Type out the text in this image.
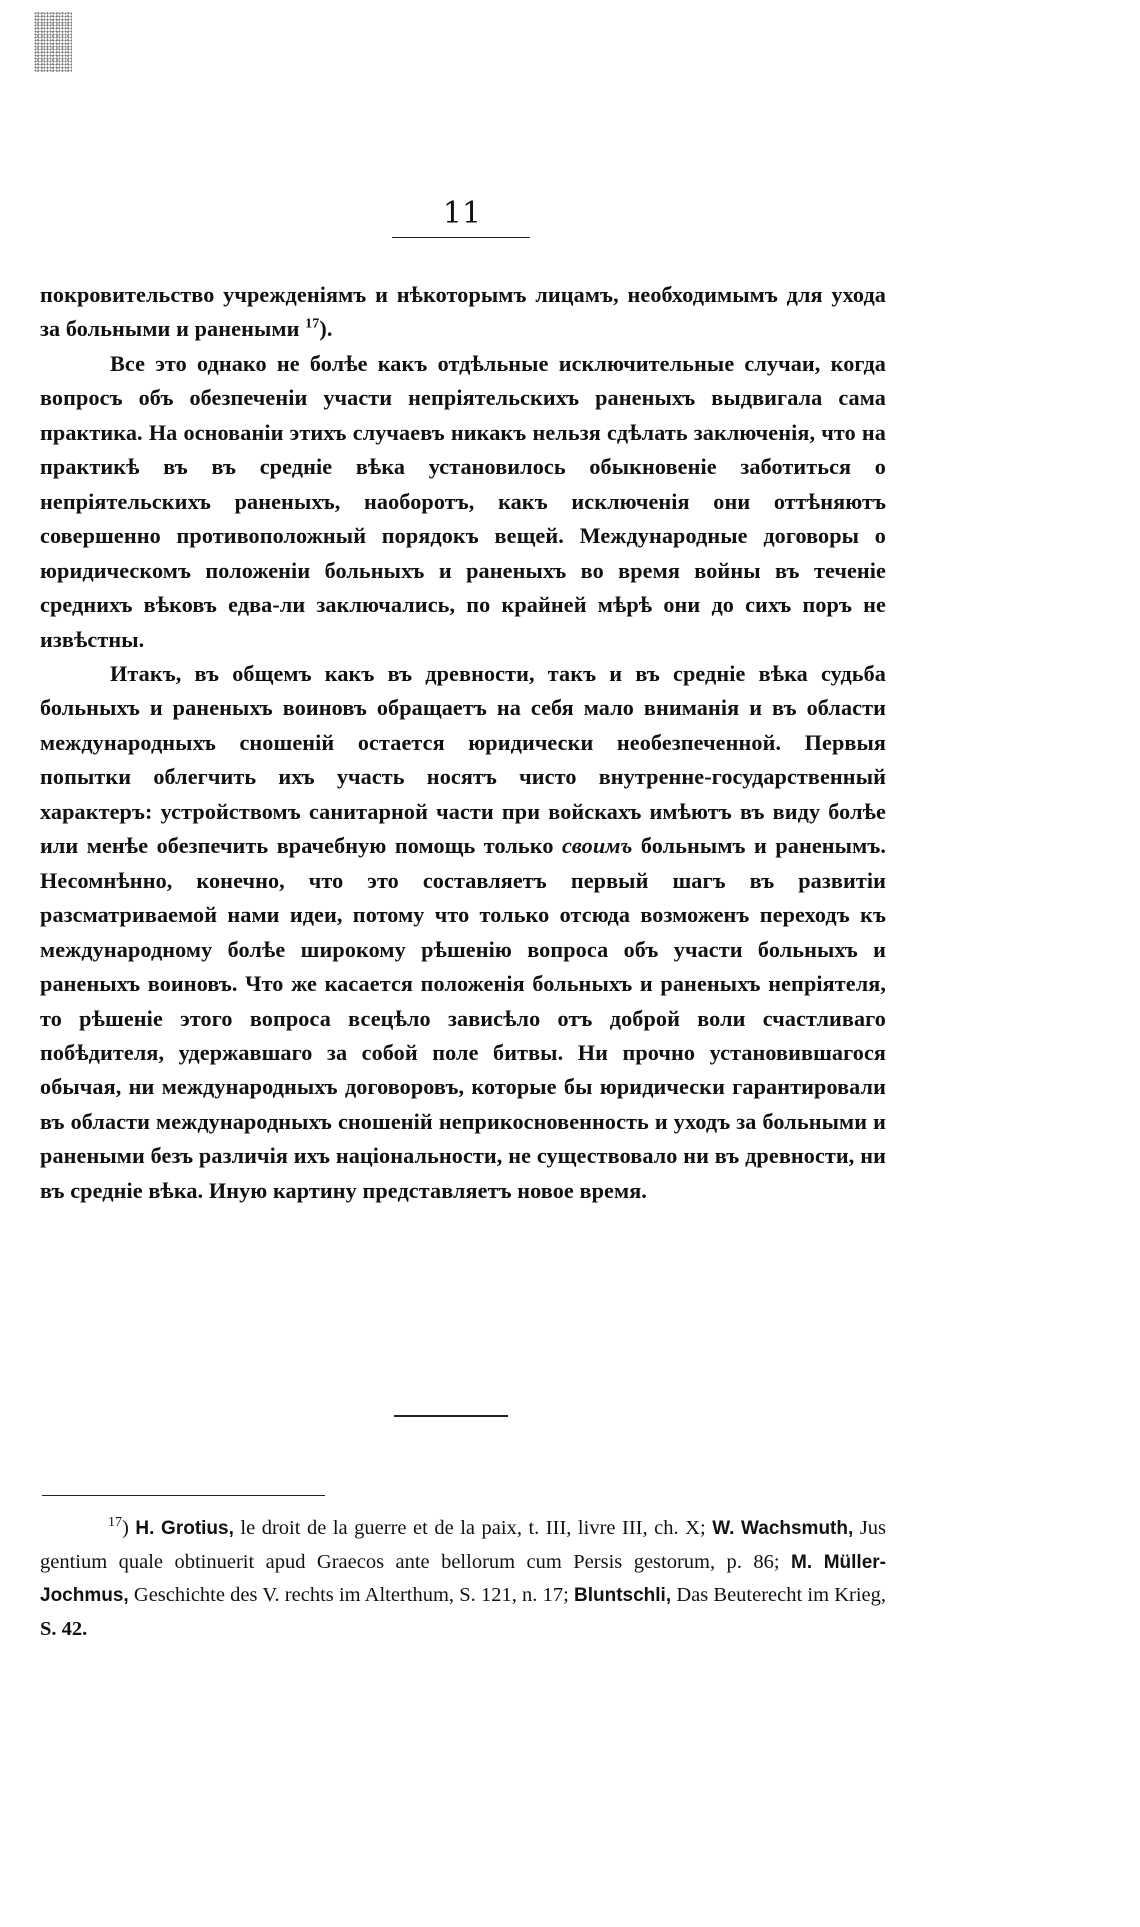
11

покровительство учрежденіямъ и нѣкоторымъ лицамъ, необходимымъ для ухода за больными и ранеными $^{17}$).

Все это однако не болѣе какъ отдѣльные исключительные случаи, когда вопросъ объ обезпеченіи участи непріятельскихъ раненыхъ выдвигала сама практика. На основаніи этихъ случаевъ никакъ нельзя сдѣлать заключенія, что на практикѣ въ въ средніе вѣка установилось обыкновеніе заботиться о непріятельскихъ раненыхъ, наоборотъ, какъ исключенія они оттѣняютъ совершенно противоположный порядокъ вещей. Международные договоры о юридическомъ положеніи больныхъ и раненыхъ во время войны въ теченіе среднихъ вѣковъ едва-ли заключались, по крайней мѣрѣ они до сихъ поръ не извѣстны.

Итакъ, въ общемъ какъ въ древности, такъ и въ средніе вѣка судьба больныхъ и раненыхъ воиновъ обращаетъ на себя мало вниманія и въ области международныхъ сношеній остается юридически необезпеченной. Первыя попытки облегчить ихъ участь носятъ чисто внутренне-государственный характеръ: устройствомъ санитарной части при войскахъ имѣютъ въ виду болѣе или менѣе обезпечить врачебную помощь только своимъ больнымъ и раненымъ. Несомнѣнно, конечно, что это составляетъ первый шагъ въ развитіи разсматриваемой нами идеи, потому что только отсюда возможенъ переходъ къ международному болѣе широкому рѣшенію вопроса объ участи больныхъ и раненыхъ воиновъ. Что же касается положенія больныхъ и раненыхъ непріятеля, то рѣшеніе этого вопроса всецѣло зависѣло отъ доброй воли счастливаго побѣдителя, удержавшаго за собой поле битвы. Ни прочно установившагося обычая, ни международныхъ договоровъ, которые бы юридически гарантировали въ области международныхъ сношеній неприкосновенность и уходъ за больными и ранеными безъ различія ихъ національности, не существовало ни въ древности, ни въ средніе вѣка. Иную картину представляетъ новое время.

$^{17}$) H. Grotius, le droit de la guerre et de la paix, t. III, livre III, ch. X; W. Wachsmuth, Jus gentium quale obtinuerit apud Graecos ante bellorum cum Persis gestorum, p. 86; M. Müller-Jochmus, Geschichte des V. rechts im Alterthum, S. 121, n. 17; Bluntschli, Das Beuterecht im Krieg, S. 42.
